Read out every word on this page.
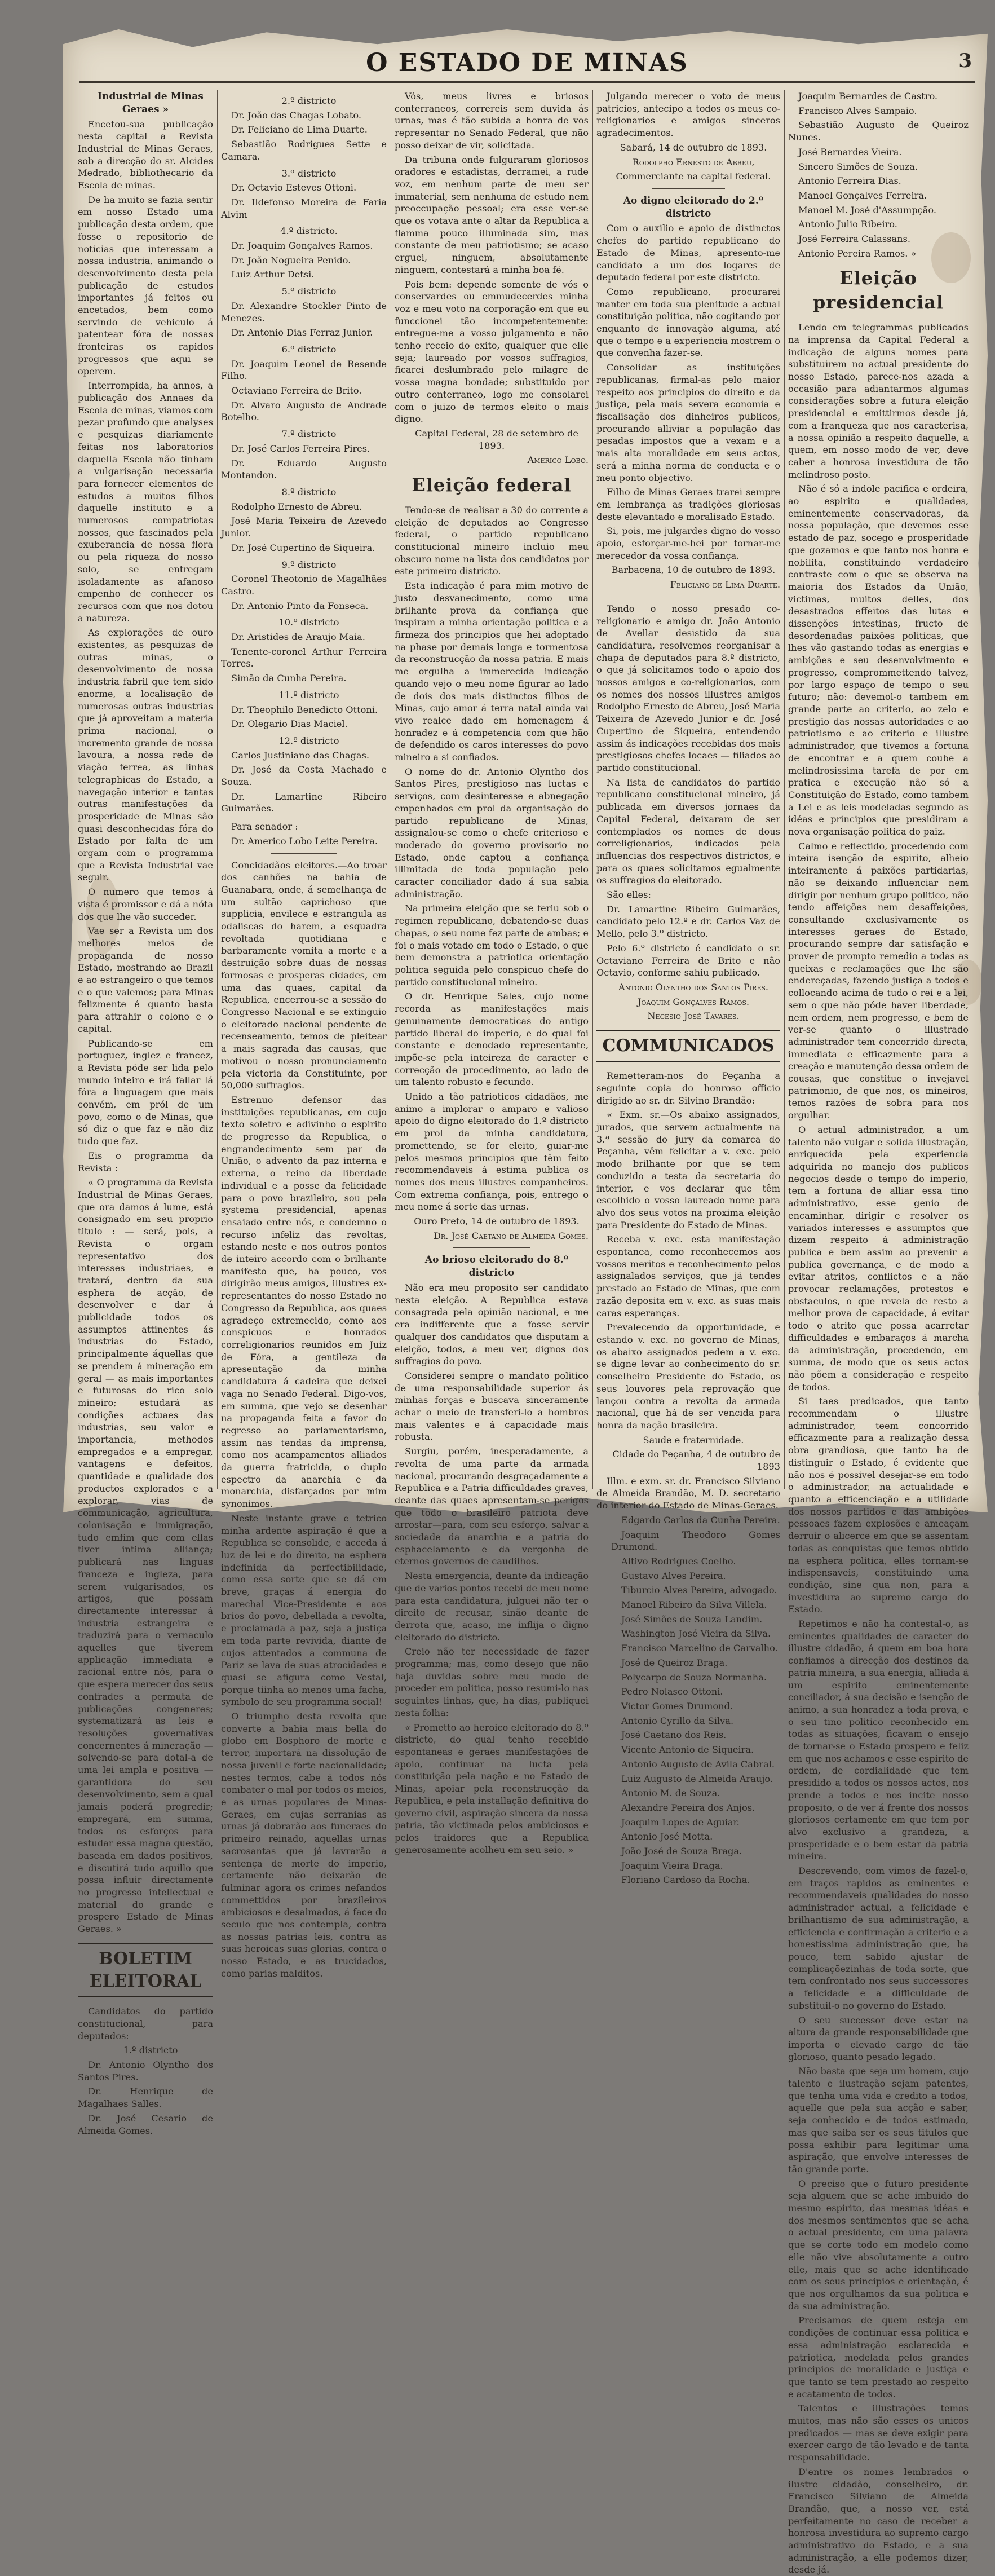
O ESTADO DE MINAS	3

Industrial de Minas Geraes »

Encetou-sua publicação nesta capital a Revista Industrial de Minas Geraes, sob a direcção do sr. Alcides Medrado, bibliothecario da Escola de minas.

De ha muito se fazia sentir em nosso Estado uma publicação desta ordem, que fosse o repositorio de noticias que interessam a nossa industria, animando o desenvolvimento desta pela publicação de estudos importantes já feitos ou encetados, bem como servindo de vehiculo á patentear fóra de nossas fronteiras os rapidos progressos que aqui se operem.

Interrompida, ha annos, a publicação dos Annaes da Escola de minas, viamos com pezar profundo que analyses e pesquizas diariamente feitas nos laboratorios daquella Escola não tinham a vulgarisação necessaria para fornecer elementos de estudos a muitos filhos daquelle instituto e a numerosos compatriotas nossos, que fascinados pela exuberancia de nossa flora ou pela riqueza do nosso solo, se entregam isoladamente as afanoso empenho de conhecer os recursos com que nos dotou a natureza.

As explorações de ouro existentes, as pesquizas de outras minas, o desenvolvimento de nossa industria fabril que tem sido enorme, a localisação de numerosas outras industrias que já aproveitam a materia prima nacional, o incremento grande de nossa lavoura, a nossa rede de viação ferrea, as linhas telegraphicas do Estado, a navegação interior e tantas outras manifestações da prosperidade de Minas são quasi desconhecidas fóra do Estado por falta de um orgam com o programma que a Revista Industrial vae seguir.

O numero que temos á vista é promissor e dá a nóta dos que lhe vão succeder.

Vae ser a Revista um dos melhores meios de propaganda de nosso Estado, mostrando ao Brazil e ao estrangeiro o que temos e o que valemos; para Minas felizmente é quanto basta para attrahir o colono e o capital.

Publicando-se em portuguez, inglez e francez, a Revista póde ser lida pelo mundo inteiro e irá fallar lá fóra a linguagem que mais convém, em pról de um povo, como o de Minas, que só diz o que faz e não diz tudo que faz.

Eis o programma da Revista :

« O programma da Revista Industrial de Minas Geraes, que ora damos á lume, está consignado em seu proprio titulo : — será, pois, a Revista o orgam representativo dos interesses industriaes, e tratará, dentro da sua esphera de acção, de desenvolver e dar á publicidade todos os assumptos attinentes ás industrias do Estado, principalmente áquellas que se prendem á mineração em geral — as mais importantes e futurosas do rico solo mineiro; estudará as condições actuaes das industrias, seu valor e importancia, methodos empregados e a empregar, vantagens e defeitos, quantidade e qualidade dos productos explorados e a explorar, vias de communicação, agricultura, colonisação e immigração, tudo emfim que com ellas tiver intima alliança; publicará nas linguas franceza e ingleza, para serem vulgarisados, os artigos, que possam directamente interessar á industria estrangeira e traduzirá para o vernaculo aquelles que tiverem applicação immediata e racional entre nós, para o que espera merecer dos seus confrades a permuta de publicações congeneres; systematizará as leis e resoluções governativas concernentes á mineração — solvendo-se para dotal-a de uma lei ampla e positiva — garantidora do seu desenvolvimento, sem a qual jamais poderá progredir; empregará, em summa, todos os esforços para estudar essa magna questão, baseada em dados positivos, e discutirá tudo aquillo que possa influir directamente no progresso intellectual e material do grande e prospero Estado de Minas Geraes. »

BOLETIM ELEITORAL

Candidatos do partido constitucional, para deputados:

1.º districto

Dr. Antonio Olyntho dos Santos Pires.

Dr. Henrique de Magalhaes Salles.

Dr. José Cesario de Almeida Gomes.

2.º districto

Dr. João das Chagas Lobato.

Dr. Feliciano de Lima Duarte.

Sebastião Rodrigues Sette e Camara.

3.º districto

Dr. Octavio Esteves Ottoni.

Dr. Ildefonso Moreira de Faria Alvim

4.º districto.

Dr. Joaquim Gonçalves Ramos.

Dr. João Nogueira Penido.

Luiz Arthur Detsi.

5.º districto

Dr. Alexandre Stockler Pinto de Menezes.

Dr. Antonio Dias Ferraz Junior.

6.º districto

Dr. Joaquim Leonel de Resende Filho.

Octaviano Ferreira de Brito.

Dr. Alvaro Augusto de Andrade Botelho.

7.º districto

Dr. José Carlos Ferreira Pires.

Dr. Eduardo Augusto Montandon.

8.º districto

Rodolpho Ernesto de Abreu.

José Maria Teixeira de Azevedo Junior.

Dr. José Cupertino de Siqueira.

9.º districto

Coronel Theotonio de Magalhães Castro.

Dr. Antonio Pinto da Fonseca.

10.º districto

Dr. Aristides de Araujo Maia.

Tenente-coronel Arthur Ferreira Torres.

Simão da Cunha Pereira.

11.º districto

Dr. Theophilo Benedicto Ottoni.

Dr. Olegario Dias Maciel.

12.º districto

Carlos Justiniano das Chagas.

Dr. José da Costa Machado e Souza.

Dr. Lamartine Ribeiro Guimarães.

Para senador :

Dr. Americo Lobo Leite Pereira.

Concidadãos eleitores.—Ao troar dos canhões na bahia de Guanabara, onde, á semelhança de um sultão caprichoso que supplicia, envilece e estrangula as odaliscas do harem, a esquadra revoltada quotidiana e barbaramente vomita a morte e a destruição sobre duas de nossas formosas e prosperas cidades, em uma das quaes, capital da Republica, encerrou-se a sessão do Congresso Nacional e se extinguio o eleitorado nacional pendente de recenseamento, temos de pleitear a mais sagrada das causas, que motivou o nosso pronunciamento pela victoria da Constituinte, por 50,000 suffragios.

Estrenuo defensor das instituições republicanas, em cujo texto soletro e adivinho o espirito de progresso da Republica, o engrandecimento sem par da União, o advento da paz interna e externa, o reino da liberdade individual e a posse da felicidade para o povo brazileiro, sou pela systema presidencial, apenas ensaiado entre nós, e condemno o recurso infeliz das revoltas, estando neste e nos outros pontos de inteiro accordo com o brilhante manifesto que, ha pouco, vos dirigirão meus amigos, illustres ex-representantes do nosso Estado no Congresso da Republica, aos quaes agradeço extremecido, como aos conspicuos e honrados correligionarios reunidos em Juiz de Fóra, a gentileza da apresentação da minha candidatura á cadeira que deixei vaga no Senado Federal. Digo-vos, em summa, que vejo se desenhar na propaganda feita a favor do regresso ao parlamentarismo, assim nas tendas da imprensa, como nos acampamentos alliados da guerra fratricida, o duplo espectro da anarchia e da monarchia, disfarçados por mim synonimos.

Neste instante grave e tetrico minha ardente aspiração é que a Republica se consolide, e acceda á luz de lei e do direito, na esphera indefinida da perfectibilidade, como essa sorte que se dá em breve, graças á energia do marechal Vice-Presidente e aos brios do povo, debellada a revolta, e proclamada a paz, seja a justiça em toda parte revivida, diante de cujos attentados a communa de Pariz se lava de suas atrocidades e quasi se afigura como Vestal, porque tiinha ao menos uma facha, symbolo de seu programma social!

O triumpho desta revolta que converte a bahia mais bella do globo em Bosphoro de morte e terror, importará na dissolução de nossa juvenil e forte nacionalidade; nestes termos, cabe á todos nós combater o mal por todos os meios, e as urnas populares de Minas-Geraes, em cujas serranias as urnas já dobrarão aos funeraes do primeiro reinado, aquellas urnas sacrosantas que já lavrarão a sentença de morte do imperio, certamente não deixarão de fulminar agora os crimes nefandos commettidos por brazileiros ambiciosos e desalmados, á face do seculo que nos contempla, contra as nossas patrias leis, contra as suas heroicas suas glorias, contra o nosso Estado, e as trucidados, como parias malditos.

Vós, meus livres e briosos conterraneos, correreis sem duvida ás urnas, mas é tão subida a honra de vos representar no Senado Federal, que não posso deixar de vir, solicitada.

Da tribuna onde fulguraram gloriosos oradores e estadistas, derramei, a rude voz, em nenhum parte de meu ser immaterial, sem nenhuma de estudo nem preoccupação pessoal; era esse ver-se que os votava ante o altar da Republica a flamma pouco illuminada sim, mas constante de meu patriotismo; se acaso erguei, ninguem, absolutamente ninguem, contestará a minha boa fé.

Pois bem: depende somente de vós o conservardes ou emmudecerdes minha voz e meu voto na corporação em que eu funccionei tão incompetentemente: entregue-me a vosso julgamento e não tenho receio do exito, qualquer que elle seja; laureado por vossos suffragios, ficarei deslumbrado pelo milagre de vossa magna bondade; substituido por outro conterraneo, logo me consolarei com o juizo de termos eleito o mais digno.

Capital Federal, 28 de setembro de 1893.

Americo Lobo.

Eleição federal

Tendo-se de realisar a 30 do corrente a eleição de deputados ao Congresso federal, o partido republicano constitucional mineiro incluio meu obscuro nome na lista dos candidatos por este primeiro districto.

Esta indicação é para mim motivo de justo desvanecimento, como uma brilhante prova da confiança que inspiram a minha orientação politica e a firmeza dos principios que hei adoptado na phase por demais longa e tormentosa da reconstrucção da nossa patria. E mais me orgulha a immerecida indicação quando vejo o meu nome figurar ao lado de dois dos mais distinctos filhos de Minas, cujo amor á terra natal ainda vai vivo realce dado em homenagem á honradez e á competencia com que hão de defendido os caros interesses do povo mineiro a si confiados.

O nome do dr. Antonio Olyntho dos Santos Pires, prestigioso nas luctas e serviços, com desinteresse e abnegação empenhados em prol da organisação do partido republicano de Minas, assignalou-se como o chefe criterioso e moderado do governo provisorio no Estado, onde captou a confiança illimitada de toda população pelo caracter conciliador dado á sua sabia administração.

Na primeira eleição que se feriu sob o regimen republicano, debatendo-se duas chapas, o seu nome fez parte de ambas; e foi o mais votado em todo o Estado, o que bem demonstra a patriotica orientação politica seguida pelo conspicuo chefe do partido constitucional mineiro.

O dr. Henrique Sales, cujo nome recorda as manifestações mais genuinamente democraticas do antigo partido liberal do imperio, e do qual foi constante e denodado representante, impõe-se pela inteireza de caracter e correcção de procedimento, ao lado de um talento robusto e fecundo.

Unido a tão patrioticos cidadãos, me animo a implorar o amparo e valioso apoio do digno eleitorado do 1.º districto em prol da minha candidatura, promettendo, se for eleito, guiar-me pelos mesmos principios que têm feito recommendaveis á estima publica os nomes dos meus illustres companheiros. Com extrema confiança, pois, entrego o meu nome á sorte das urnas.

Ouro Preto, 14 de outubro de 1893.

Dr. José Caetano de Almeida Gomes.

Ao brioso eleitorado do 8.º districto

Não era meu proposito ser candidato nesta eleição. A Republica estava consagrada pela opinião nacional, e me era indifferente que a fosse servir qualquer dos candidatos que disputam a eleição, todos, a meu ver, dignos dos suffragios do povo.

Considerei sempre o mandato politico de uma responsabilidade superior ás minhas forças e buscava sinceramente achar o meio de transferi-lo a hombros mais valentes e á capacidade mais robusta.

Surgiu, porém, inesperadamente, a revolta de uma parte da armada nacional, procurando desgraçadamente a Republica e a Patria difficuldades graves, deante das quaes apresentam-se perigos que todo o brasileiro patriota deve arrostar—para, com seu esforço, salvar a sociedade da anarchia e a patria do esphacelamento e da vergonha de eternos governos de caudilhos.

Nesta emergencia, deante da indicação que de varios pontos recebi de meu nome para esta candidatura, julguei não ter o direito de recusar, sinão deante de derrota que, acaso, me inflija o digno eleitorado do districto.

Creio não ter necessidade de fazer programma; mas, como desejo que não haja duvidas sobre meu modo de proceder em politica, posso resumi-lo nas seguintes linhas, que, ha dias, publiquei nesta folha:

« Prometto ao heroico eleitorado do 8.º districto, do qual tenho recebido espontaneas e geraes manifestações de apoio, continuar na lucta pela constituição pela nação e no Estado de Minas, apoiar pela reconstrucção da Republica, e pela installação definitiva do governo civil, aspiração sincera da nossa patria, tão victimada pelos ambiciosos e pelos traidores que a Republica generosamente acolheu em seu seio. »

Julgando merecer o voto de meus patricios, antecipo a todos os meus co-religionarios e amigos sinceros agradecimentos.

Sabará, 14 de outubro de 1893.

Rodolpho Ernesto de Abreu,

Commerciante na capital federal.

Ao digno eleitorado do 2.º districto

Com o auxilio e apoio de distinctos chefes do partido republicano do Estado de Minas, apresento-me candidato a um dos logares de deputado federal por este districto.

Como republicano, procurarei manter em toda sua plenitude a actual constituição politica, não cogitando por enquanto de innovação alguma, até que o tempo e a experiencia mostrem o que convenha fazer-se.

Consolidar as instituições republicanas, firmal-as pelo maior respeito aos principios do direito e da justiça, pela mais severa economia e fiscalisação dos dinheiros publicos, procurando alliviar a população das pesadas impostos que a vexam e a mais alta moralidade em seus actos, será a minha norma de conducta e o meu ponto objectivo.

Filho de Minas Geraes trarei sempre em lembrança as tradições gloriosas deste elevantado e moralisado Estado.

Si, pois, me julgardes digno do vosso apoio, esforçar-me-hei por tornar-me merecedor da vossa confiança.

Barbacena, 10 de outubro de 1893.

Feliciano de Lima Duarte.

Tendo o nosso presado co-religionario e amigo dr. João Antonio de Avellar desistido da sua candidatura, resolvemos reorganisar a chapa de deputados para 8.º districto, o que já solicitamos todo o apoio dos nossos amigos e co-religionarios, com os nomes dos nossos illustres amigos Rodolpho Ernesto de Abreu, José Maria Teixeira de Azevedo Junior e dr. José Cupertino de Siqueira, entendendo assim ás indicações recebidas dos mais prestigiosos chefes locaes — filiados ao partido constitucional.

Na lista de candidatos do partido republicano constitucional mineiro, já publicada em diversos jornaes da Capital Federal, deixaram de ser contemplados os nomes de dous correligionarios, indicados pela influencias dos respectivos districtos, e para os quaes solicitamos egualmente os suffragios do eleitorado.

São elles:

Dr. Lamartine Ribeiro Guimarães, candidato pelo 12.º e dr. Carlos Vaz de Mello, pelo 3.º districto.

Pelo 6.º districto é candidato o sr. Octaviano Ferreira de Brito e não Octavio, conforme sahiu publicado.

Antonio Olyntho dos Santos Pires.

Joaquim Gonçalves Ramos.

Necesio José Tavares.

COMMUNICADOS

Remetteram-nos do Peçanha a seguinte copia do honroso officio dirigido ao sr. dr. Silvino Brandão:

« Exm. sr.—Os abaixo assignados, jurados, que servem actualmente na 3.ª sessão do jury da comarca do Peçanha, vêm felicitar a v. exc. pelo modo brilhante por que se tem conduzido a testa da secretaria do interior, e vos declarar que têm escolhido o vosso laureado nome para alvo dos seus votos na proxima eleição para Presidente do Estado de Minas.

Receba v. exc. esta manifestação espontanea, como reconhecemos aos vossos meritos e reconhecimento pelos assignalados serviços, que já tendes prestado ao Estado de Minas, que com razão deposita em v. exc. as suas mais caras esperanças.

Prevalecendo da opportunidade, e estando v. exc. no governo de Minas, os abaixo assignados pedem a v. exc. se digne levar ao conhecimento do sr. conselheiro Presidente do Estado, os seus louvores pela reprovação que lançou contra a revolta da armada nacional, que há de ser vencida para honra da nação brasileira.

Saude e fraternidade.

Cidade do Peçanha, 4 de outubro de 1893

Illm. e exm. sr. dr. Francisco Silviano de Almeida Brandão, M. D. secretario do interior do Estado de Minas-Geraes.

Edgardo Carlos da Cunha Pereira.

Joaquim Theodoro Gomes Drumond.

Altivo Rodrigues Coelho.

Gustavo Alves Pereira.

Tiburcio Alves Pereira, advogado.

Manoel Ribeiro da Silva Villela.

José Simões de Souza Landim.

Washington José Vieira da Silva.

Francisco Marcelino de Carvalho.

José de Queiroz Braga.

Polycarpo de Souza Normanha.

Pedro Nolasco Ottoni.

Victor Gomes Drumond.

Antonio Cyrillo da Silva.

José Caetano dos Reis.

Vicente Antonio de Siqueira.

Antonio Augusto de Avila Cabral.

Luiz Augusto de Almeida Araujo.

Antonio M. de Souza.

Alexandre Pereira dos Anjos.

Joaquim Lopes de Aguiar.

Antonio José Motta.

João José de Souza Braga.

Joaquim Vieira Braga.

Floriano Cardoso da Rocha.

Joaquim Bernardes de Castro.

Francisco Alves Sampaio.

Sebastião Augusto de Queiroz Nunes.

José Bernardes Vieira.

Sincero Simões de Souza.

Antonio Ferreira Dias.

Manoel Gonçalves Ferreira.

Manoel M. José d'Assumpção.

Antonio Julio Ribeiro.

José Ferreira Calassans.

Antonio Pereira Ramos. »

Eleição presidencial

Lendo em telegrammas publicados na imprensa da Capital Federal a indicação de alguns nomes para substituirem no actual presidente do nosso Estado, parece-nos azada a occasião para adiantarmos algumas considerações sobre a futura eleição presidencial e emittirmos desde já, com a franqueza que nos caracterisa, a nossa opinião a respeito daquelle, a quem, em nosso modo de ver, deve caber a honrosa investidura de tão melindroso posto.

Não é só a indole pacifica e ordeira, ao espirito e qualidades, eminentemente conservadoras, da nossa população, que devemos esse estado de paz, socego e prosperidade que gozamos e que tanto nos honra e nobilita, constituindo verdadeiro contraste com o que se observa na maioria dos Estados da União, victimas, muitos delles, dos desastrados effeitos das lutas e dissenções intestinas, fructo de desordenadas paixões politicas, que lhes vão gastando todas as energias e ambições e seu desenvolvimento e progresso, comprommettendo talvez, por largo espaço de tempo o seu futuro; não: devemol-o tambem em grande parte ao criterio, ao zelo e prestigio das nossas autoridades e ao patriotismo e ao criterio e illustre administrador, que tivemos a fortuna de encontrar e a quem coube a melindrosissima tarefa de por em pratica e execução não só a Constituição do Estado, como tambem a Lei e as leis modeladas segundo as idéas e principios que presidiram a nova organisação politica do paiz.

Calmo e reflectido, procedendo com inteira isenção de espirito, alheio inteiramente á paixões partidarias, não se deixando influenciar nem dirigir por nenhum grupo politico, não tendo affeições nem desaffeições, consultando exclusivamente os interesses geraes do Estado, procurando sempre dar satisfação e prover de prompto remedio a todas as queixas e reclamações que lhe são endereçadas, fazendo justiça a todos e collocando acima de tudo o rei e a lei, sem o que não póde haver liberdade, nem ordem, nem progresso, e bem de ver-se quanto o illustrado administrador tem concorrido directa, immediata e efficazmente para a creação e manutenção dessa ordem de cousas, que constitue o invejavel patrimonio, de que nos, os mineiros, temos razões de sobra para nos orgulhar.

O actual administrador, a um talento não vulgar e solida illustração, enriquecida pela experiencia adquirida no manejo dos publicos negocios desde o tempo do imperio, tem a fortuna de alliar essa tino administrativo, esse genio de encaminhar, dirigir e resolver os variados interesses e assumptos que dizem respeito á administração publica e bem assim ao prevenir a publica governança, e de modo a evitar atritos, conflictos e a não provocar reclamações, protestos e obstaculos, o que revela de resto a melhor prova de capacidade, á evitar todo o atrito que possa acarretar difficuldades e embaraços á marcha da administração, procedendo, em summa, de modo que os seus actos não põem a consideração e respeito de todos.

Si taes predicados, que tanto recommendam o illustre administrador, teem concorrido efficazmente para a realização dessa obra grandiosa, que tanto ha de distinguir o Estado, é evidente que não nos é possivel desejar-se em todo o administrador, na actualidade e quanto a efficenciação e a utilidade dos nossos partidos e das ambições pessoaes fazem explosões e ameaçam derruir o alicerce em que se assentam todas as conquistas que temos obtido na esphera politica, elles tornam-se indispensaveis, constituindo uma condição, sine qua non, para a investidura ao supremo cargo do Estado.

Repetimos e não ha contestal-o, as eminentes qualidades de caracter do illustre cidadão, á quem em boa hora confiamos a direcção dos destinos da patria mineira, a sua energia, alliada á um espirito eminentemente conciliador, á sua decisão e isenção de animo, a sua honradez a toda prova, e o seu tino politico reconhecido em todas as situações, ficavam o ensejo de tornar-se o Estado prospero e feliz em que nos achamos e esse espirito de ordem, de cordialidade que tem presidido a todos os nossos actos, nos prende a todos e nos incite nosso proposito, o de ver á frente dos nossos gloriosos certamente em que tem por alvo exclusivo a grandeza, a prosperidade e o bem estar da patria mineira.

Descrevendo, com vimos de fazel-o, em traços rapidos as eminentes e recommendaveis qualidades do nosso administrador actual, a felicidade e brilhantismo de sua administração, a efficiencia e confirmação a criterio e a honestissima administração que, ha pouco, tem sabido ajustar de complicaçõezinhas de toda sorte, que tem confrontado nos seus successores a felicidade e a difficuldade de substituil-o no governo do Estado.

O seu successor deve estar na altura da grande responsabilidade que importa o elevado cargo de tão glorioso, quanto pesado legado.

Não basta que seja um homem, cujo talento e ilustração sejam patentes, que tenha uma vida e credito a todos, aquelle que pela sua acção e saber, seja conhecido e de todos estimado, mas que saiba ser os seus titulos que possa exhibir para legitimar uma aspiração, que envolve interesses de tão grande porte.

O preciso que o futuro presidente seja alguem que se ache imbuido do mesmo espirito, das mesmas idéas e dos mesmos sentimentos que se acha o actual presidente, em uma palavra que se corte todo em modelo como elle não vive absolutamente a outro elle, mais que se ache identificado com os seus principios e orientação, é que nos orgulhamos da sua politica e da sua administração.

Precisamos de quem esteja em condições de continuar essa politica e essa administração esclarecida e patriotica, modelada pelos grandes principios de moralidade e justiça e que tanto se tem prestado ao respeito e acatamento de todos.

Talentos e illustrações temos muitos, mas não são esses os unicos predicados — mas se deve exigir para exercer cargo de tão levado e de tanta responsabilidade.

D'entre os nomes lembrados o ilustre cidadão, conselheiro, dr. Francisco Silviano de Almeida Brandão, que, a nosso ver, está perfeitamente no caso de receber a honrosa investidura ao supremo cargo administrativo do Estado, e a sua administração, a elle podemos dizer, desde já.
